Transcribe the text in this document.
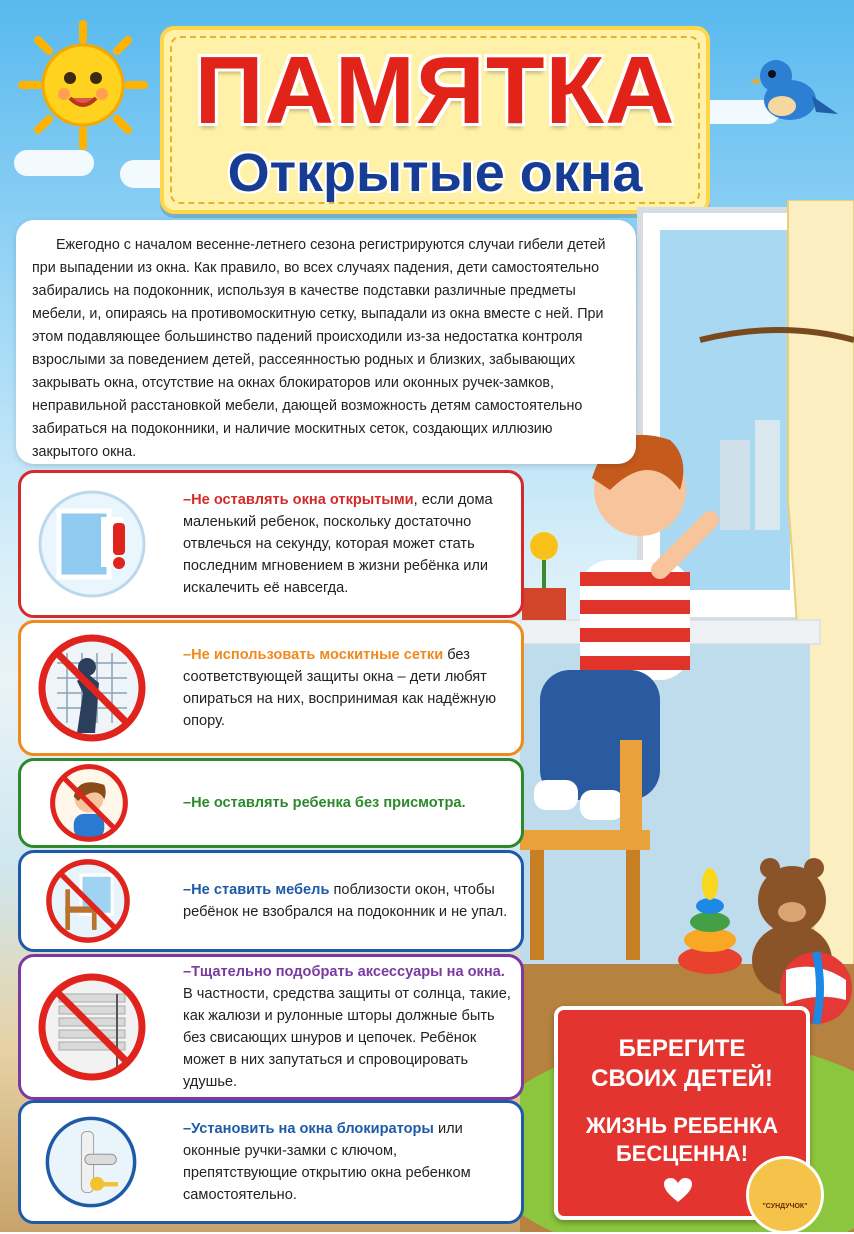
ПАМЯТКА
Открытые окна

Ежегодно с началом весенне-летнего сезона регистрируются случаи гибели детей при выпадении из окна. Как правило, во всех случаях падения, дети самостоятельно забирались на подоконник, используя в качестве подставки различные предметы мебели, и, опираясь на противомоскитную сетку, выпадали из окна вместе с ней. При этом подавляющее большинство падений происходили из-за недостатка контроля взрослыми за поведением детей, рассеянностью родных и близких, забывающих закрывать окна, отсутствие на окнах блокираторов или оконных ручек-замков, неправильной расстановкой мебели, дающей возможность детям самостоятельно забираться на подоконники, и наличие москитных сеток, создающих иллюзию закрытого окна.

–Не оставлять окна открытыми, если дома маленький ребенок, поскольку достаточно отвлечься на секунду, которая может стать последним мгновением в жизни ребёнка или искалечить её навсегда.
–Не использовать москитные сетки без соответствующей защиты окна – дети любят опираться на них, воспринимая как надёжную опору.
–Не оставлять ребенка без присмотра.
–Не ставить мебель поблизости окон, чтобы ребёнок не взобрался на подоконник и не упал.
–Тщательно подобрать аксессуары на окна. В частности, средства защиты от солнца, такие, как жалюзи и рулонные шторы должные быть без свисающих шнуров и цепочек. Ребёнок может в них запутаться и спровоцировать удушье.
–Установить на окна блокираторы или оконные ручки-замки с ключом, препятствующие открытию окна ребенком самостоятельно.
БЕРЕГИТЕ
СВОИХ ДЕТЕЙ!
ЖИЗНЬ РЕБЕНКА
БЕСЦЕННА!
"СУНДУЧОК"
